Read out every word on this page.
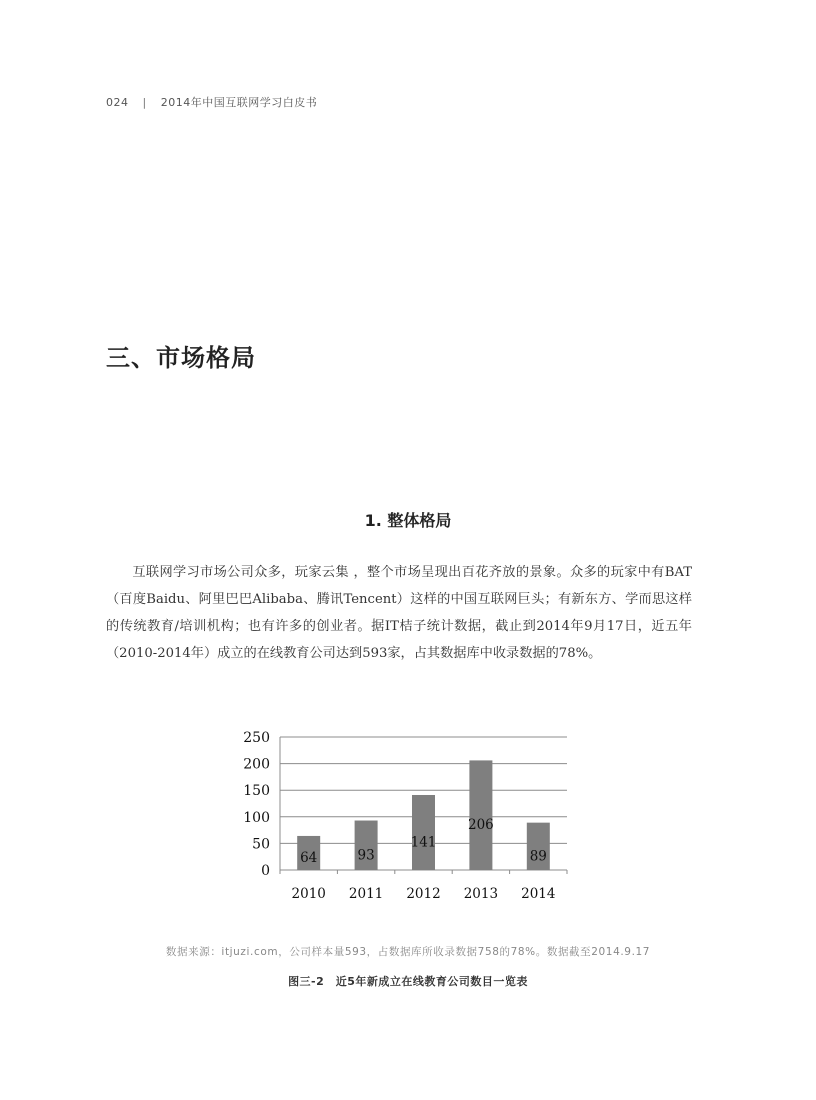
024 | 2014年中国互联网学习白皮书
三、市场格局
1. 整体格局

互联网学习市场公司众多，玩家云集 ，整个市场呈现出百花齐放的景象。众多的玩家中有BAT（百度Baidu、阿里巴巴Alibaba、腾讯Tencent）这样的中国互联网巨头；有新东方、学而思这样的传统教育/培训机构；也有许多的创业者。据IT桔子统计数据，截止到2014年9月17日，近五年（2010-2014年）成立的在线教育公司达到593家，占其数据库中收录数据的78%。

0
50
100
150
200
250
64
2010
93
2011
141
2012
206
2013
89
2014
数据来源：itjuzi.com，公司样本量593，占数据库所收录数据758的78%。数据截至2014.9.17
图三-2　近5年新成立在线教育公司数目一览表
